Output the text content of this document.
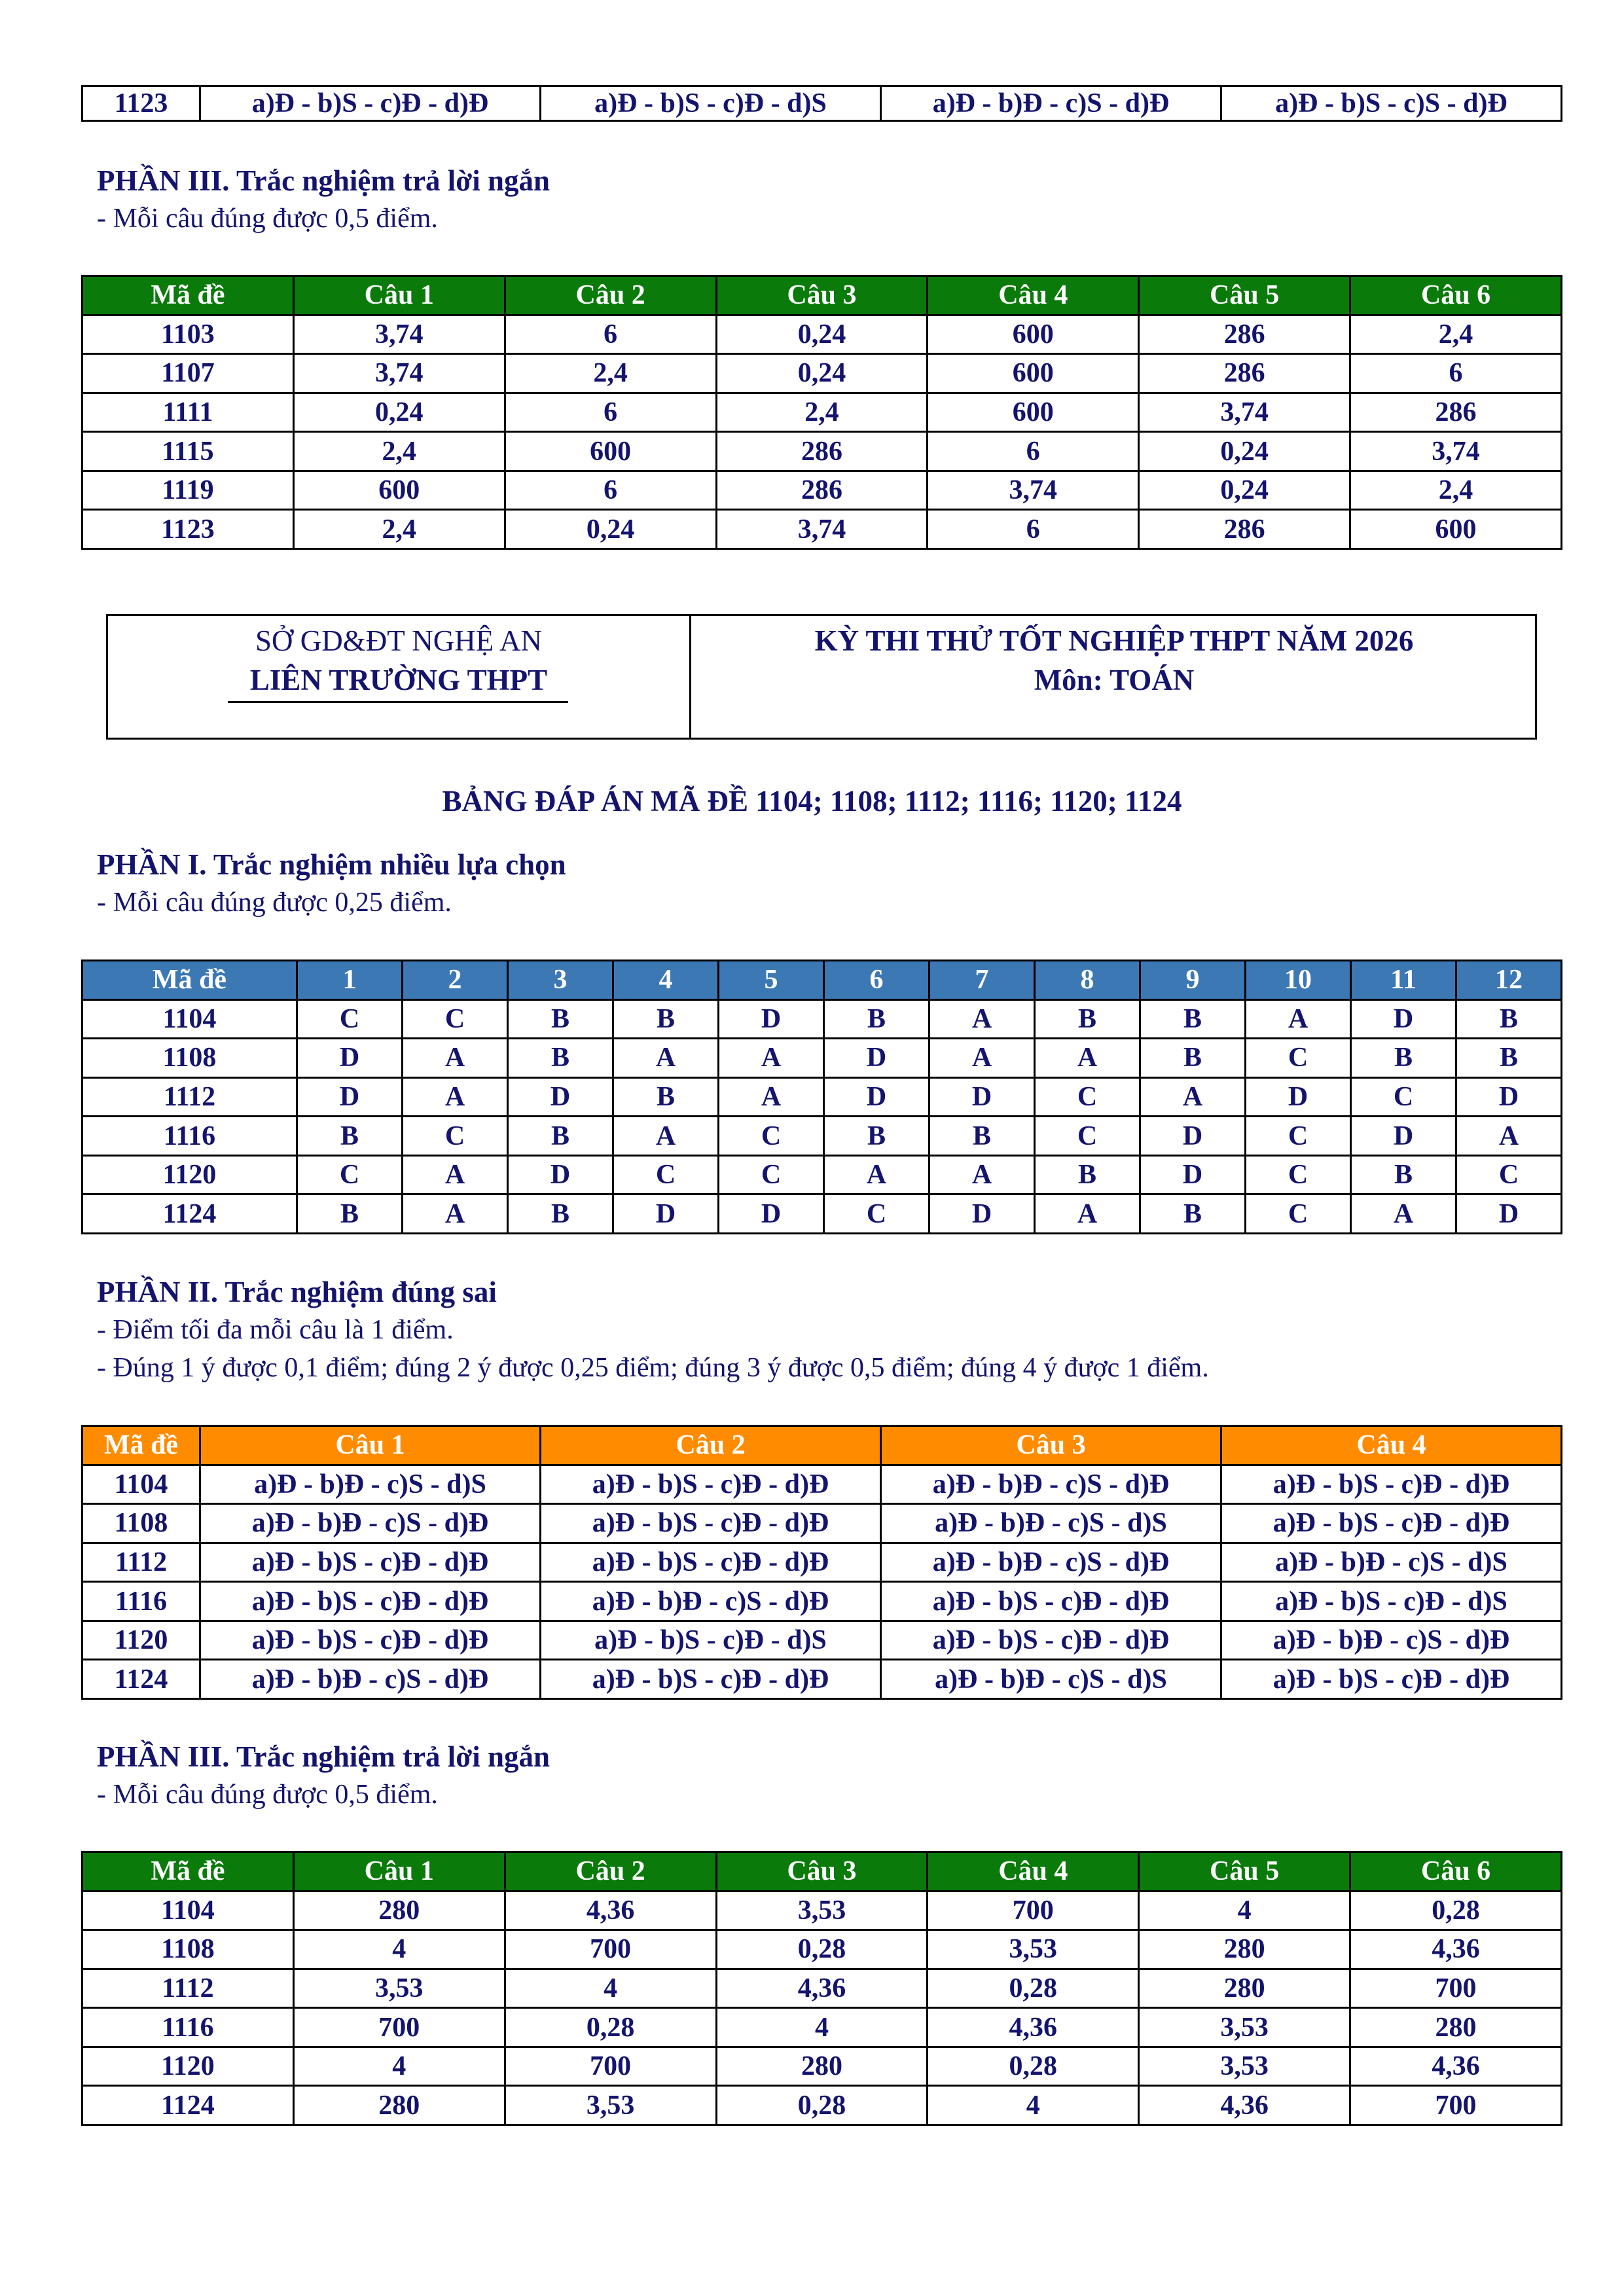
1123	a)Đ - b)S - c)Đ - d)Đ	a)Đ - b)S - c)Đ - d)S	a)Đ - b)Đ - c)S - d)Đ	a)Đ - b)S - c)S - d)Đ
PHẦN III. Trắc nghiệm trả lời ngắn
- Mỗi câu đúng được 0,5 điểm.
Mã đề	Câu 1	Câu 2	Câu 3	Câu 4	Câu 5	Câu 6
1103	3,74	6	0,24	600	286	2,4
1107	3,74	2,4	0,24	600	286	6
1111	0,24	6	2,4	600	3,74	286
1115	2,4	600	286	6	0,24	3,74
1119	600	6	286	3,74	0,24	2,4
1123	2,4	0,24	3,74	6	286	600
SỞ GD&ĐT NGHỆ AN
LIÊN TRƯỜNG THPT
KỲ THI THỬ TỐT NGHIỆP THPT NĂM 2026
Môn: TOÁN
BẢNG ĐÁP ÁN MÃ ĐỀ 1104; 1108; 1112; 1116; 1120; 1124
PHẦN I. Trắc nghiệm nhiều lựa chọn
- Mỗi câu đúng được 0,25 điểm.
Mã đề	1	2	3	4	5	6	7	8	9	10	11	12
1104	C	C	B	B	D	B	A	B	B	A	D	B
1108	D	A	B	A	A	D	A	A	B	C	B	B
1112	D	A	D	B	A	D	D	C	A	D	C	D
1116	B	C	B	A	C	B	B	C	D	C	D	A
1120	C	A	D	C	C	A	A	B	D	C	B	C
1124	B	A	B	D	D	C	D	A	B	C	A	D
PHẦN II. Trắc nghiệm đúng sai
- Điểm tối đa mỗi câu là 1 điểm.
- Đúng 1 ý được 0,1 điểm; đúng 2 ý được 0,25 điểm; đúng 3 ý được 0,5 điểm; đúng 4 ý được 1 điểm.
Mã đề	Câu 1	Câu 2	Câu 3	Câu 4
1104	a)Đ - b)Đ - c)S - d)S	a)Đ - b)S - c)Đ - d)Đ	a)Đ - b)Đ - c)S - d)Đ	a)Đ - b)S - c)Đ - d)Đ
1108	a)Đ - b)Đ - c)S - d)Đ	a)Đ - b)S - c)Đ - d)Đ	a)Đ - b)Đ - c)S - d)S	a)Đ - b)S - c)Đ - d)Đ
1112	a)Đ - b)S - c)Đ - d)Đ	a)Đ - b)S - c)Đ - d)Đ	a)Đ - b)Đ - c)S - d)Đ	a)Đ - b)Đ - c)S - d)S
1116	a)Đ - b)S - c)Đ - d)Đ	a)Đ - b)Đ - c)S - d)Đ	a)Đ - b)S - c)Đ - d)Đ	a)Đ - b)S - c)Đ - d)S
1120	a)Đ - b)S - c)Đ - d)Đ	a)Đ - b)S - c)Đ - d)S	a)Đ - b)S - c)Đ - d)Đ	a)Đ - b)Đ - c)S - d)Đ
1124	a)Đ - b)Đ - c)S - d)Đ	a)Đ - b)S - c)Đ - d)Đ	a)Đ - b)Đ - c)S - d)S	a)Đ - b)S - c)Đ - d)Đ
PHẦN III. Trắc nghiệm trả lời ngắn
- Mỗi câu đúng được 0,5 điểm.
Mã đề	Câu 1	Câu 2	Câu 3	Câu 4	Câu 5	Câu 6
1104	280	4,36	3,53	700	4	0,28
1108	4	700	0,28	3,53	280	4,36
1112	3,53	4	4,36	0,28	280	700
1116	700	0,28	4	4,36	3,53	280
1120	4	700	280	0,28	3,53	4,36
1124	280	3,53	0,28	4	4,36	700
